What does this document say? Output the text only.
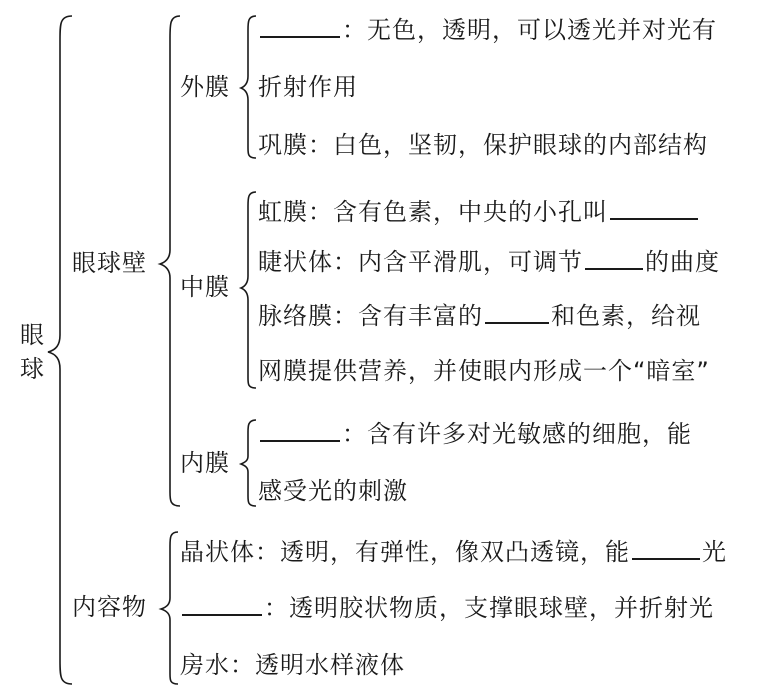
眼
球
眼球壁
外膜
：无色，透明，可以透光并对光有
折射作用
巩膜：白色，坚韧，保护眼球的内部结构
中膜
虹膜：含有色素，中央的小孔叫
睫状体：内含平滑肌，可调节	的曲度
脉络膜：含有丰富的	和色素，给视
网膜提供营养，并使眼内形成一个“暗室”
内膜
：含有许多对光敏感的细胞，能
感受光的刺激
内容物
晶状体：透明，有弹性，像双凸透镜，能	光
：透明胶状物质，支撑眼球壁，并折射光
房水：透明水样液体
